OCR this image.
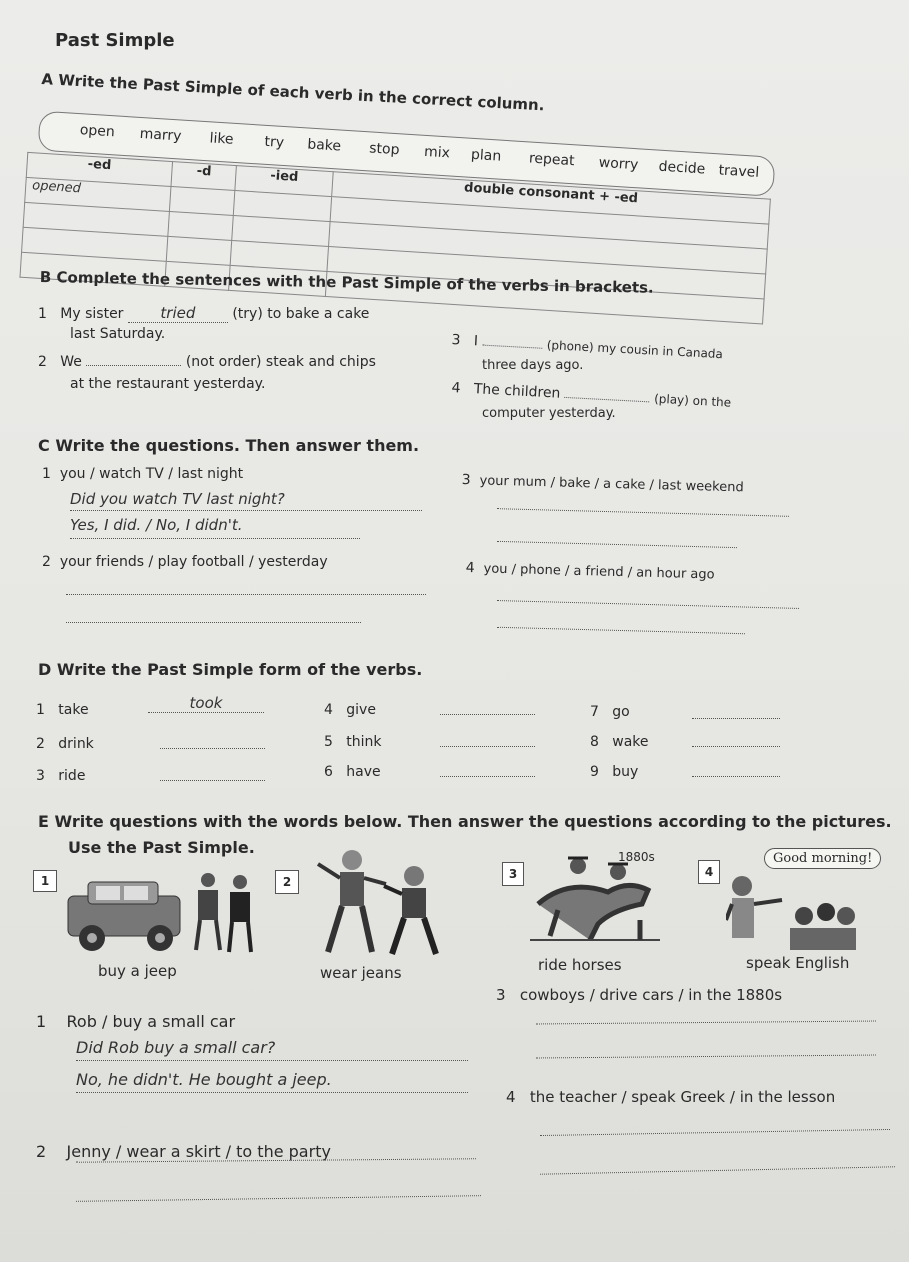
Past Simple
A Write the Past Simple of each verb in the correct column.
open marry like try bake stop mix plan repeat worry decide travel
-ed	-d	-ied	double consonant + -ed
opened			

B Complete the sentences with the Past Simple of the verbs in brackets.
1 My sister tried	(try) to bake a cake
last Saturday.
2 We	(not order) steak and chips
at the restaurant yesterday.
3 I	(phone) my cousin in Canada
three days ago.
4 The children	(play) on the
computer yesterday.
C Write the questions. Then answer them.
1 you / watch TV / last night
Did you watch TV last night?
Yes, I did. / No, I didn't.
2 your friends / play football / yesterday
3 your mum / bake / a cake / last weekend
4 you / phone / a friend / an hour ago
D Write the Past Simple form of the verbs.
1 take	took
2 drink
3 ride
4 give
5 think
6 have
7 go
8 wake
9 buy
E Write questions with the words below. Then answer the questions according to the pictures.
Use the Past Simple.
1
buy a jeep
2
wear jeans
3
1880s
ride horses
4
Good morning!
speak English
1 Rob / buy a small car
Did Rob buy a small car?
No, he didn't. He bought a jeep.
2 Jenny / wear a skirt / to the party
3 cowboys / drive cars / in the 1880s
4 the teacher / speak Greek / in the lesson
